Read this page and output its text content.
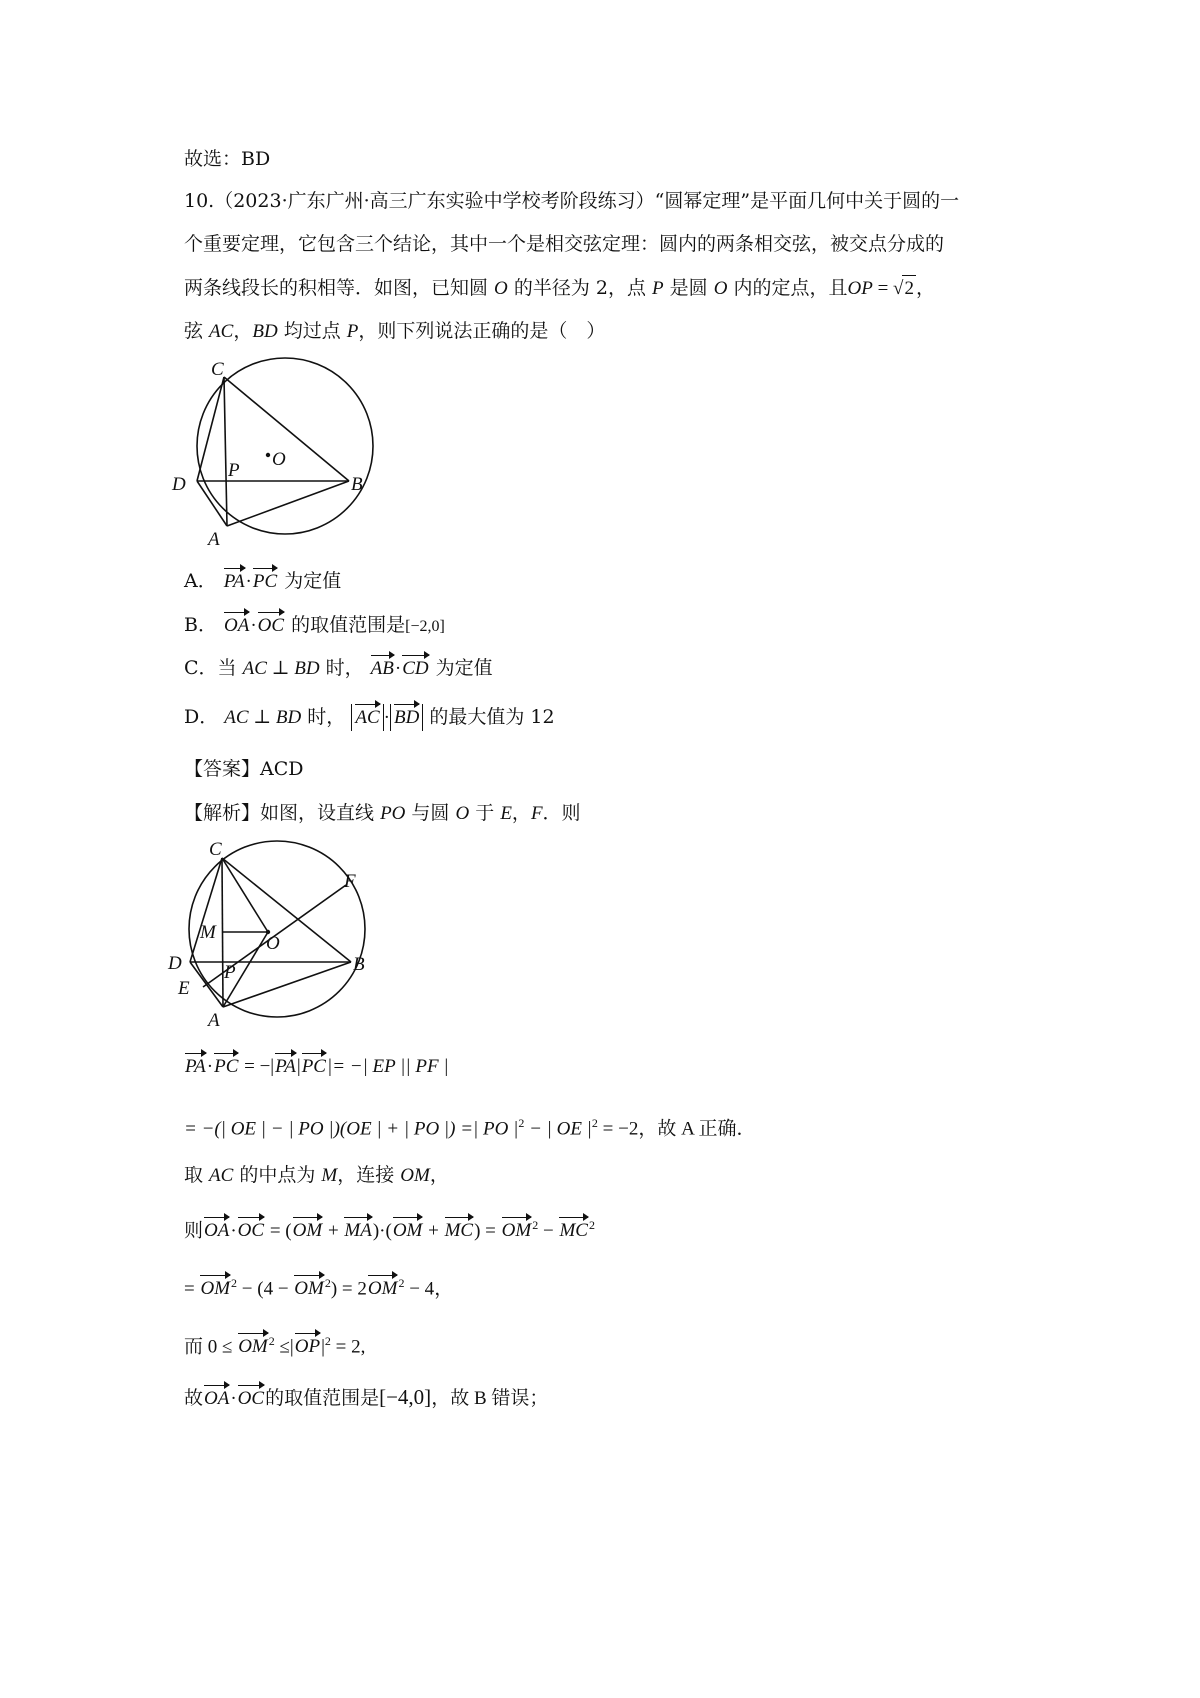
故选：BD
10.（2023·广东广州·高三广东实验中学校考阶段练习）“圆幂定理”是平面几何中关于圆的一
个重要定理，它包含三个结论，其中一个是相交弦定理：圆内的两条相交弦，被交点分成的
两条线段长的积相等．如图，已知圆 O 的半径为 2，点 P 是圆 O 内的定点，且OP = √2 ，
弦 AC，BD 均过点 P，则下列说法正确的是（　）
C
O
P
D	B
A
A． PA·PC 为定值
B． OA·OC 的取值范围是[−2,0]
C．当 AC ⊥ BD 时， AB·CD 为定值
D． AC ⊥ BD 时， AC · BD 的最大值为 12
【答案】ACD
【解析】如图，设直线 PO 与圆 O 于 E，F．则
C
F
M
O
D P	B
E
A
PA·PC = −|PA|PC|= −| EP || PF |
= −(| OE | − | PO |)(OE | + | PO |) =| PO $|^2$ − | OE $|^2 = -2$，故 A 正确．
取 AC 的中点为 M，连接 OM，
则$OA\cdot OC = (OM + MA)\cdot(OM + MC) = OM^2 - MC^2$
= $OM^2 - (4 - OM^2) = 2OM^2 - 4$，
而 $0 \le OM^2 \le|OP|^2 = 2$,
故OA·OC的取值范围是[−4,0]，故 B 错误；
